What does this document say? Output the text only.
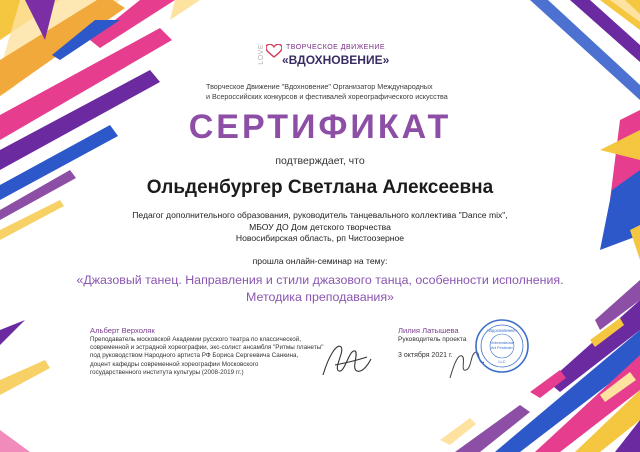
LOVE	ТВОРЧЕСКОЕ ДВИЖЕНИЕ
«ВДОХНОВЕНИЕ»
Творческое Движение "Вдохновение" Организатор Международных
и Всероссийских конкурсов и фестивалей хореографического искусства
СЕРТИФИКАТ
подтверждает, что
Ольденбургер Светлана Алексеевна
Педагог дополнительного образования, руководитель танцевального коллектива "Dance mix",
МБОУ ДО Дом детского творчества
Новосибирская область, рп Чистоозерное
прошла онлайн-семинар на тему:
«Джазовый танец. Направления и стили джазового танца, особенности исполнения.
Методика преподавания»
Альберт Верхоляк
Преподаватель московской Академии русского театра по классической,
современной и эстрадной хореографии, экс-солист ансамбля "Ритмы планеты"
под руководством Народного артиста РФ Бориса Сергеевича Санкина,
доцент кафедры современной хореографии Московского
государственного института культуры (2008-2019 гг.)
Лилия Латышева
Руководитель проекта
3 октября 2021 г.
«Вдохновение»
«International
Art Festival»
LLC
